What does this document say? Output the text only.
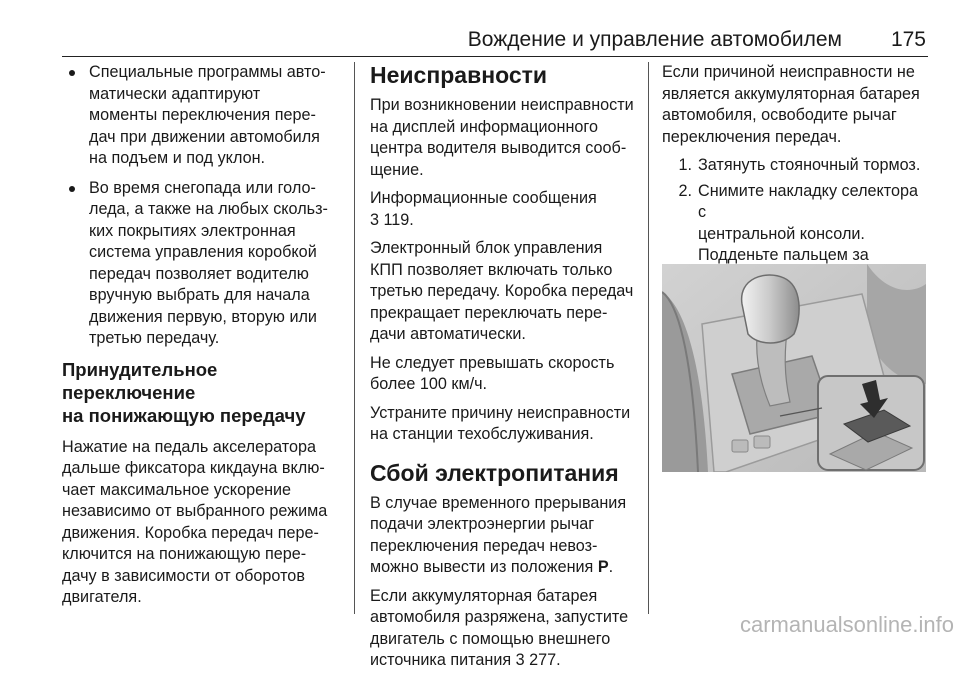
Вождение и управление автомобилем 175
Специальные программы авто-
матически адаптируют
моменты переключения пере-
дач при движении автомобиля
на подъем и под уклон.
Во время снегопада или голо-
леда, а также на любых скольз-
ких покрытиях электронная
система управления коробкой
передач позволяет водителю
вручную выбрать для начала
движения первую, вторую или
третью передачу.
Принудительное переключение
на понижающую передачу

Нажатие на педаль акселератора
дальше фиксатора кикдауна вклю-
чает максимальное ускорение
независимо от выбранного режима
движения. Коробка передач пере-
ключится на понижающую пере-
дачу в зависимости от оборотов
двигателя.

Неисправности

При возникновении неисправности
на дисплей информационного
центра водителя выводится сооб-
щение.

Информационные сообщения
3 119.

Электронный блок управления
КПП позволяет включать только
третью передачу. Коробка передач
прекращает переключать пере-
дачи автоматически.

Не следует превышать скорость
более 100 км/ч.

Устраните причину неисправности
на станции техобслуживания.

Сбой электропитания

В случае временного прерывания
подачи электроэнергии рычаг
переключения передач невоз-
можно вывести из положения P.

Если аккумуляторная батарея
автомобиля разряжена, запустите
двигатель с помощью внешнего
источника питания 3 277.

Если причиной неисправности не
является аккумуляторная батарея
автомобиля, освободите рычаг
переключения передач.

1. Затянуть стояночный тормоз.
2. Снимите накладку селектора с
центральной консоли.
Подденьте пальцем за

carmanualsonline.info
